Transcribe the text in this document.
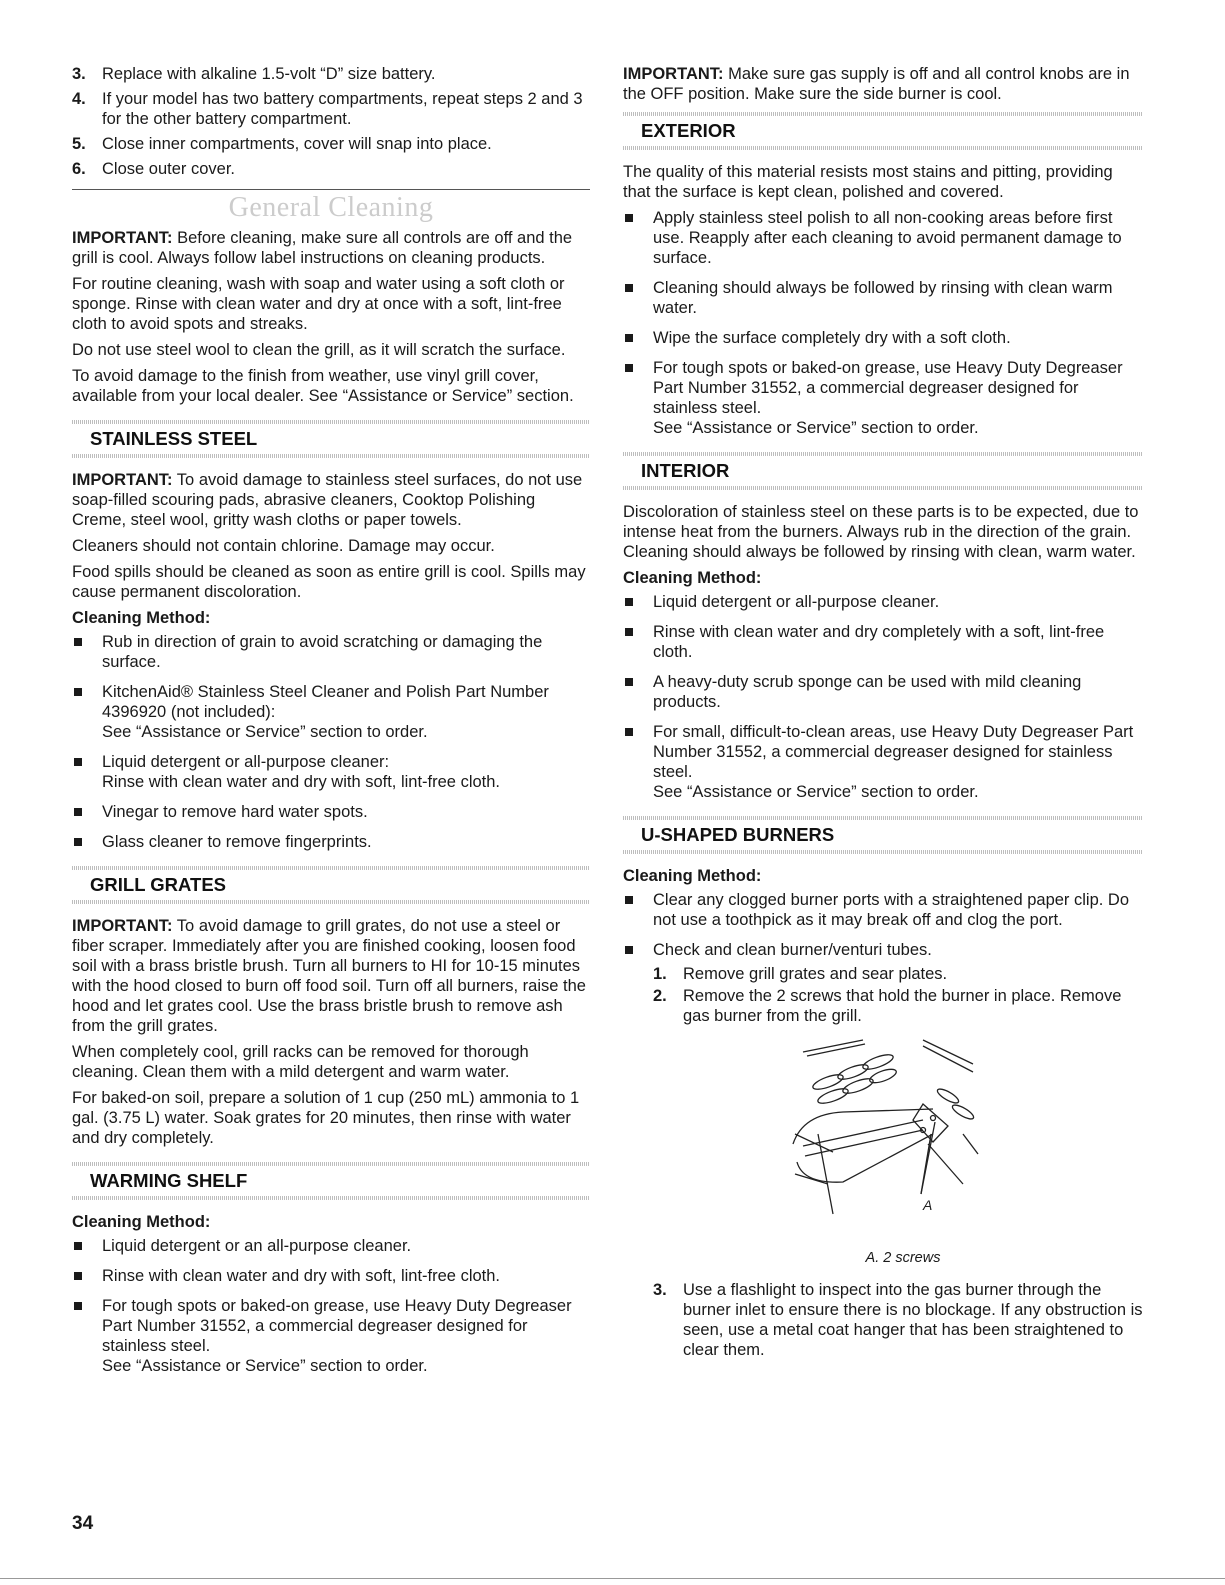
3. Replace with alkaline 1.5-volt “D” size battery.
4. If your model has two battery compartments, repeat steps 2 and 3 for the other battery compartment.
5. Close inner compartments, cover will snap into place.
6. Close outer cover.
General Cleaning

IMPORTANT: Before cleaning, make sure all controls are off and the grill is cool. Always follow label instructions on cleaning products.

For routine cleaning, wash with soap and water using a soft cloth or sponge. Rinse with clean water and dry at once with a soft, lint-free cloth to avoid spots and streaks.

Do not use steel wool to clean the grill, as it will scratch the surface.

To avoid damage to the finish from weather, use vinyl grill cover, available from your local dealer. See “Assistance or Service” section.

STAINLESS STEEL

IMPORTANT: To avoid damage to stainless steel surfaces, do not use soap-filled scouring pads, abrasive cleaners, Cooktop Polishing Creme, steel wool, gritty wash cloths or paper towels.

Cleaners should not contain chlorine. Damage may occur.

Food spills should be cleaned as soon as entire grill is cool. Spills may cause permanent discoloration.

Cleaning Method:

Rub in direction of grain to avoid scratching or damaging the surface.
KitchenAid® Stainless Steel Cleaner and Polish Part Number 4396920 (not included):
See “Assistance or Service” section to order.
Liquid detergent or all-purpose cleaner:
Rinse with clean water and dry with soft, lint-free cloth.
Vinegar to remove hard water spots.
Glass cleaner to remove fingerprints.
GRILL GRATES

IMPORTANT: To avoid damage to grill grates, do not use a steel or fiber scraper. Immediately after you are finished cooking, loosen food soil with a brass bristle brush. Turn all burners to HI for 10-15 minutes with the hood closed to burn off food soil. Turn off all burners, raise the hood and let grates cool. Use the brass bristle brush to remove ash from the grill grates.

When completely cool, grill racks can be removed for thorough cleaning. Clean them with a mild detergent and warm water.

For baked-on soil, prepare a solution of 1 cup (250 mL) ammonia to 1 gal. (3.75 L) water. Soak grates for 20 minutes, then rinse with water and dry completely.

WARMING SHELF

Cleaning Method:

Liquid detergent or an all-purpose cleaner.
Rinse with clean water and dry with soft, lint-free cloth.
For tough spots or baked-on grease, use Heavy Duty Degreaser Part Number 31552, a commercial degreaser designed for stainless steel.
See “Assistance or Service” section to order.

IMPORTANT: Make sure gas supply is off and all control knobs are in the OFF position. Make sure the side burner is cool.

EXTERIOR

The quality of this material resists most stains and pitting, providing that the surface is kept clean, polished and covered.

Apply stainless steel polish to all non-cooking areas before first use. Reapply after each cleaning to avoid permanent damage to surface.
Cleaning should always be followed by rinsing with clean warm water.
Wipe the surface completely dry with a soft cloth.
For tough spots or baked-on grease, use Heavy Duty Degreaser Part Number 31552, a commercial degreaser designed for stainless steel.
See “Assistance or Service” section to order.
INTERIOR

Discoloration of stainless steel on these parts is to be expected, due to intense heat from the burners. Always rub in the direction of the grain. Cleaning should always be followed by rinsing with clean, warm water.

Cleaning Method:

Liquid detergent or all-purpose cleaner.
Rinse with clean water and dry completely with a soft, lint-free cloth.
A heavy-duty scrub sponge can be used with mild cleaning products.
For small, difficult-to-clean areas, use Heavy Duty Degreaser Part Number 31552, a commercial degreaser designed for stainless steel.
See “Assistance or Service” section to order.
U-SHAPED BURNERS

Cleaning Method:

Clear any clogged burner ports with a straightened paper clip. Do not use a toothpick as it may break off and clog the port.
Check and clean burner/venturi tubes.
1. Remove grill grates and sear plates.
2. Remove the 2 screws that hold the burner in place. Remove gas burner from the grill.
A
A. 2 screws
3. Use a flashlight to inspect into the gas burner through the burner inlet to ensure there is no blockage. If any obstruction is seen, use a metal coat hanger that has been straightened to clear them.
34
